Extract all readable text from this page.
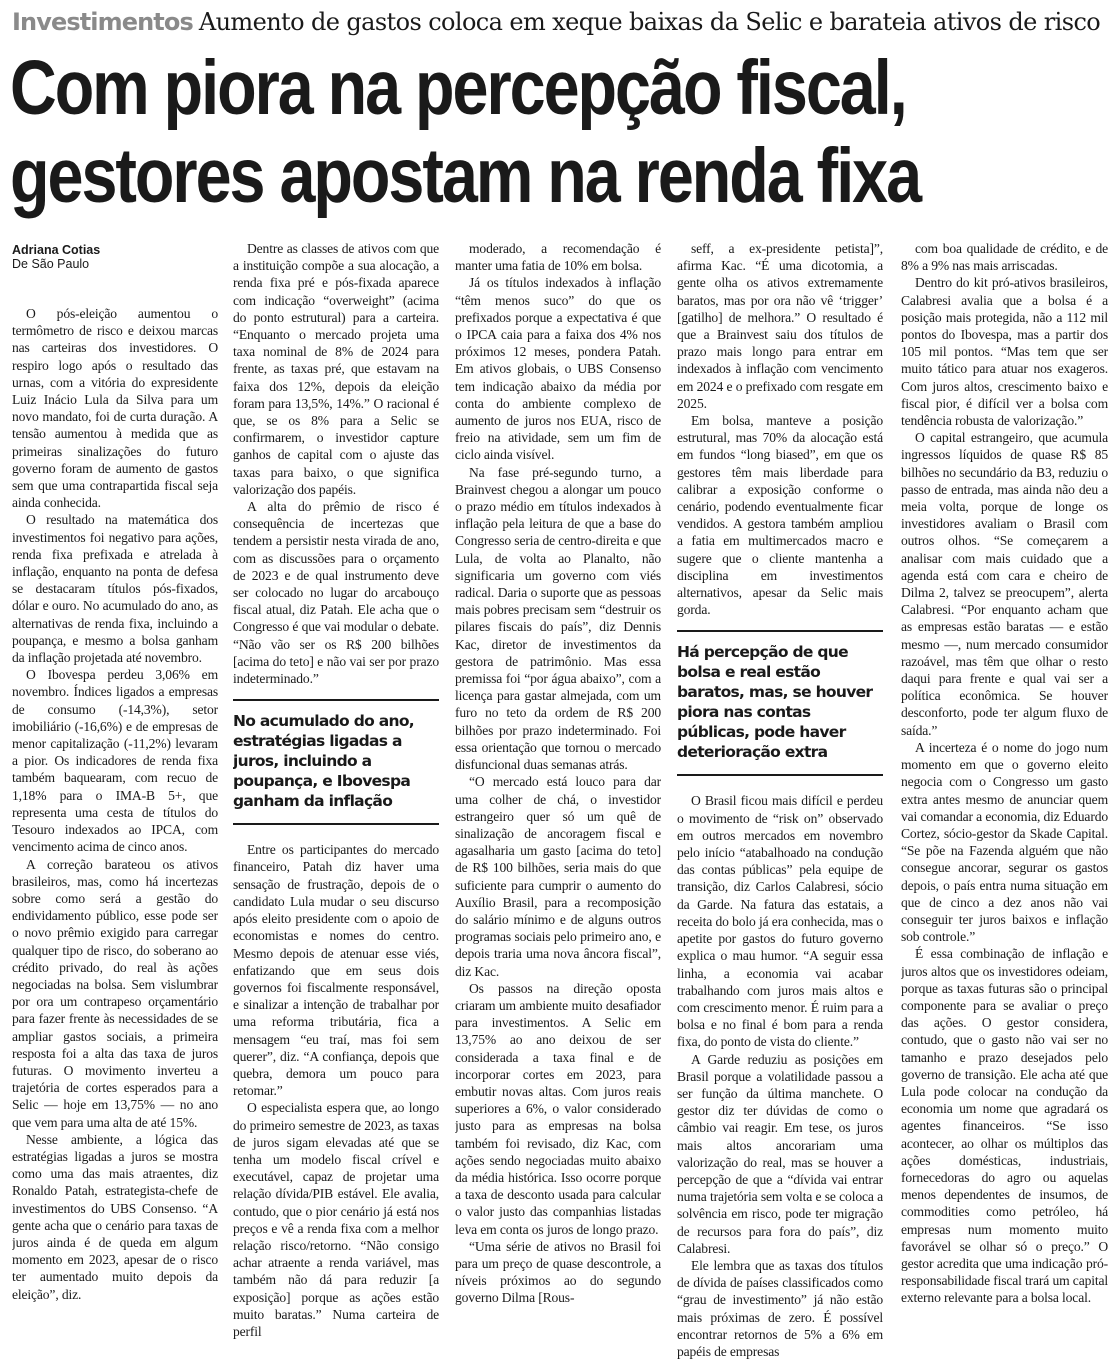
Investimentos Aumento de gastos coloca em xeque baixas da Selic e barateia ativos de risco
Com piora na percepção fiscal,
gestores apostam na renda fixa
Adriana Cotias
De São Paulo

O pós-eleição aumentou o termômetro de risco e deixou marcas nas carteiras dos investidores. O respiro logo após o resultado das urnas, com a vitória do expresidente Luiz Inácio Lula da Silva para um novo mandato, foi de curta duração. A tensão aumentou à medida que as primeiras sinalizações do futuro governo foram de aumento de gastos sem que uma contrapartida fiscal seja ainda conhecida.

O resultado na matemática dos investimentos foi negativo para ações, renda fixa prefixada e atrelada à inflação, enquanto na ponta de defesa se destacaram títulos pós-fixados, dólar e ouro. No acumulado do ano, as alternativas de renda fixa, incluindo a poupança, e mesmo a bolsa ganham da inflação projetada até novembro.

O Ibovespa perdeu 3,06% em novembro. Índices ligados a empresas de consumo (-14,3%), setor imobiliário (-16,6%) e de empresas de menor capitalização (-11,2%) levaram a pior. Os indicadores de renda fixa também baquearam, com recuo de 1,18% para o IMA-B 5+, que representa uma cesta de títulos do Tesouro indexados ao IPCA, com vencimento acima de cinco anos.

A correção barateou os ativos brasileiros, mas, como há incertezas sobre como será a gestão do endividamento público, esse pode ser o novo prêmio exigido para carregar qualquer tipo de risco, do soberano ao crédito privado, do real às ações negociadas na bolsa. Sem vislumbrar por ora um contrapeso orçamentário para fazer frente às necessidades de se ampliar gastos sociais, a primeira resposta foi a alta das taxa de juros futuras. O movimento inverteu a trajetória de cortes esperados para a Selic — hoje em 13,75% — no ano que vem para uma alta de até 15%.

Nesse ambiente, a lógica das estratégias ligadas a juros se mostra como uma das mais atraentes, diz Ronaldo Patah, estrategista-chefe de investimentos do UBS Consenso. “A gente acha que o cenário para taxas de juros ainda é de queda em algum momento em 2023, apesar de o risco ter aumentado muito depois da eleição”, diz.

Dentre as classes de ativos com que a instituição compõe a sua alocação, a renda fixa pré e pós-fixada aparece com indicação “overweight” (acima do ponto estrutural) para a carteira. “Enquanto o mercado projeta uma taxa nominal de 8% de 2024 para frente, as taxas pré, que estavam na faixa dos 12%, depois da eleição foram para 13,5%, 14%.” O racional é que, se os 8% para a Selic se confirmarem, o investidor capture ganhos de capital com o ajuste das taxas para baixo, o que significa valorização dos papéis.

A alta do prêmio de risco é consequência de incertezas que tendem a persistir nesta virada de ano, com as discussões para o orçamento de 2023 e de qual instrumento deve ser colocado no lugar do arcabouço fiscal atual, diz Patah. Ele acha que o Congresso é que vai modular o debate. “Não vão ser os R$ 200 bilhões [acima do teto] e não vai ser por prazo indeterminado.”

No acumulado do ano, estratégias ligadas a juros, incluindo a poupança, e Ibovespa ganham da inflação

Entre os participantes do mercado financeiro, Patah diz haver uma sensação de frustração, depois de o candidato Lula mudar o seu discurso após eleito presidente com o apoio de economistas e nomes do centro. Mesmo depois de atenuar esse viés, enfatizando que em seus dois governos foi fiscalmente responsável, e sinalizar a intenção de trabalhar por uma reforma tributária, fica a mensagem “eu traí, mas foi sem querer”, diz. “A confiança, depois que quebra, demora um pouco para retomar.”

O especialista espera que, ao longo do primeiro semestre de 2023, as taxas de juros sigam elevadas até que se tenha um modelo fiscal crível e executável, capaz de projetar uma relação dívida/PIB estável. Ele avalia, contudo, que o pior cenário já está nos preços e vê a renda fixa com a melhor relação risco/retorno. “Não consigo achar atraente a renda variável, mas também não dá para reduzir [a exposição] porque as ações estão muito baratas.” Numa carteira de perfil

moderado, a recomendação é manter uma fatia de 10% em bolsa.

Já os títulos indexados à inflação “têm menos suco” do que os prefixados porque a expectativa é que o IPCA caia para a faixa dos 4% nos próximos 12 meses, pondera Patah. Em ativos globais, o UBS Consenso tem indicação abaixo da média por conta do ambiente complexo de aumento de juros nos EUA, risco de freio na atividade, sem um fim de ciclo ainda visível.

Na fase pré-segundo turno, a Brainvest chegou a alongar um pouco o prazo médio em títulos indexados à inflação pela leitura de que a base do Congresso seria de centro-direita e que Lula, de volta ao Planalto, não significaria um governo com viés radical. Daria o suporte que as pessoas mais pobres precisam sem “destruir os pilares fiscais do país”, diz Dennis Kac, diretor de investimentos da gestora de patrimônio. Mas essa premissa foi “por água abaixo”, com a licença para gastar almejada, com um furo no teto da ordem de R$ 200 bilhões por prazo indeterminado. Foi essa orientação que tornou o mercado disfuncional duas semanas atrás.

“O mercado está louco para dar uma colher de chá, o investidor estrangeiro quer só um quê de sinalização de ancoragem fiscal e agasalharia um gasto [acima do teto] de R$ 100 bilhões, seria mais do que suficiente para cumprir o aumento do Auxílio Brasil, para a recomposição do salário mínimo e de alguns outros programas sociais pelo primeiro ano, e depois traria uma nova âncora fiscal”, diz Kac.

Os passos na direção oposta criaram um ambiente muito desafiador para investimentos. A Selic em 13,75% ao ano deixou de ser considerada a taxa final e de incorporar cortes em 2023, para embutir novas altas. Com juros reais superiores a 6%, o valor considerado justo para as empresas na bolsa também foi revisado, diz Kac, com ações sendo negociadas muito abaixo da média histórica. Isso ocorre porque a taxa de desconto usada para calcular o valor justo das companhias listadas leva em conta os juros de longo prazo.

“Uma série de ativos no Brasil foi para um preço de quase descontrole, a níveis próximos ao do segundo governo Dilma [Rous-

seff, a ex-presidente petista]”, afirma Kac. “É uma dicotomia, a gente olha os ativos extremamente baratos, mas por ora não vê ‘trigger’ [gatilho] de melhora.” O resultado é que a Brainvest saiu dos títulos de prazo mais longo para entrar em indexados à inflação com vencimento em 2024 e o prefixado com resgate em 2025.

Em bolsa, manteve a posição estrutural, mas 70% da alocação está em fundos “long biased”, em que os gestores têm mais liberdade para calibrar a exposição conforme o cenário, podendo eventualmente ficar vendidos. A gestora também ampliou a fatia em multimercados macro e sugere que o cliente mantenha a disciplina em investimentos alternativos, apesar da Selic mais gorda.

Há percepção de que bolsa e real estão baratos, mas, se houver piora nas contas públicas, pode haver deterioração extra

O Brasil ficou mais difícil e perdeu o movimento de “risk on” observado em outros mercados em novembro pelo início “atabalhoado na condução das contas públicas” pela equipe de transição, diz Carlos Calabresi, sócio da Garde. Na fatura das estatais, a receita do bolo já era conhecida, mas o apetite por gastos do futuro governo explica o mau humor. “A seguir essa linha, a economia vai acabar trabalhando com juros mais altos e com crescimento menor. É ruim para a bolsa e no final é bom para a renda fixa, do ponto de vista do cliente.”

A Garde reduziu as posições em Brasil porque a volatilidade passou a ser função da última manchete. O gestor diz ter dúvidas de como o câmbio vai reagir. Em tese, os juros mais altos ancorariam uma valorização do real, mas se houver a percepção de que a “dívida vai entrar numa trajetória sem volta e se coloca a solvência em risco, pode ter migração de recursos para fora do país”, diz Calabresi.

Ele lembra que as taxas dos títulos de dívida de países classificados como “grau de investimento” já não estão mais próximas de zero. É possível encontrar retornos de 5% a 6% em papéis de empresas

com boa qualidade de crédito, e de 8% a 9% nas mais arriscadas.

Dentro do kit pró-ativos brasileiros, Calabresi avalia que a bolsa é a posição mais protegida, não a 112 mil pontos do Ibovespa, mas a partir dos 105 mil pontos. “Mas tem que ser muito tático para atuar nos exageros. Com juros altos, crescimento baixo e fiscal pior, é difícil ver a bolsa com tendência robusta de valorização.”

O capital estrangeiro, que acumula ingressos líquidos de quase R$ 85 bilhões no secundário da B3, reduziu o passo de entrada, mas ainda não deu a meia volta, porque de longe os investidores avaliam o Brasil com outros olhos. “Se começarem a analisar com mais cuidado que a agenda está com cara e cheiro de Dilma 2, talvez se preocupem”, alerta Calabresi. “Por enquanto acham que as empresas estão baratas — e estão mesmo —, num mercado consumidor razoável, mas têm que olhar o resto daqui para frente e qual vai ser a política econômica. Se houver desconforto, pode ter algum fluxo de saída.”

A incerteza é o nome do jogo num momento em que o governo eleito negocia com o Congresso um gasto extra antes mesmo de anunciar quem vai comandar a economia, diz Eduardo Cortez, sócio-gestor da Skade Capital. “Se põe na Fazenda alguém que não consegue ancorar, segurar os gastos depois, o país entra numa situação em que de cinco a dez anos não vai conseguir ter juros baixos e inflação sob controle.”

É essa combinação de inflação e juros altos que os investidores odeiam, porque as taxas futuras são o principal componente para se avaliar o preço das ações. O gestor considera, contudo, que o gasto não vai ser no tamanho e prazo desejados pelo governo de transição. Ele acha até que Lula pode colocar na condução da economia um nome que agradará os agentes financeiros. “Se isso acontecer, ao olhar os múltiplos das ações domésticas, industriais, fornecedoras do agro ou aquelas menos dependentes de insumos, de commodities como petróleo, há empresas num momento muito favorável se olhar só o preço.” O gestor acredita que uma indicação pró-responsabilidade fiscal trará um capital externo relevante para a bolsa local.
